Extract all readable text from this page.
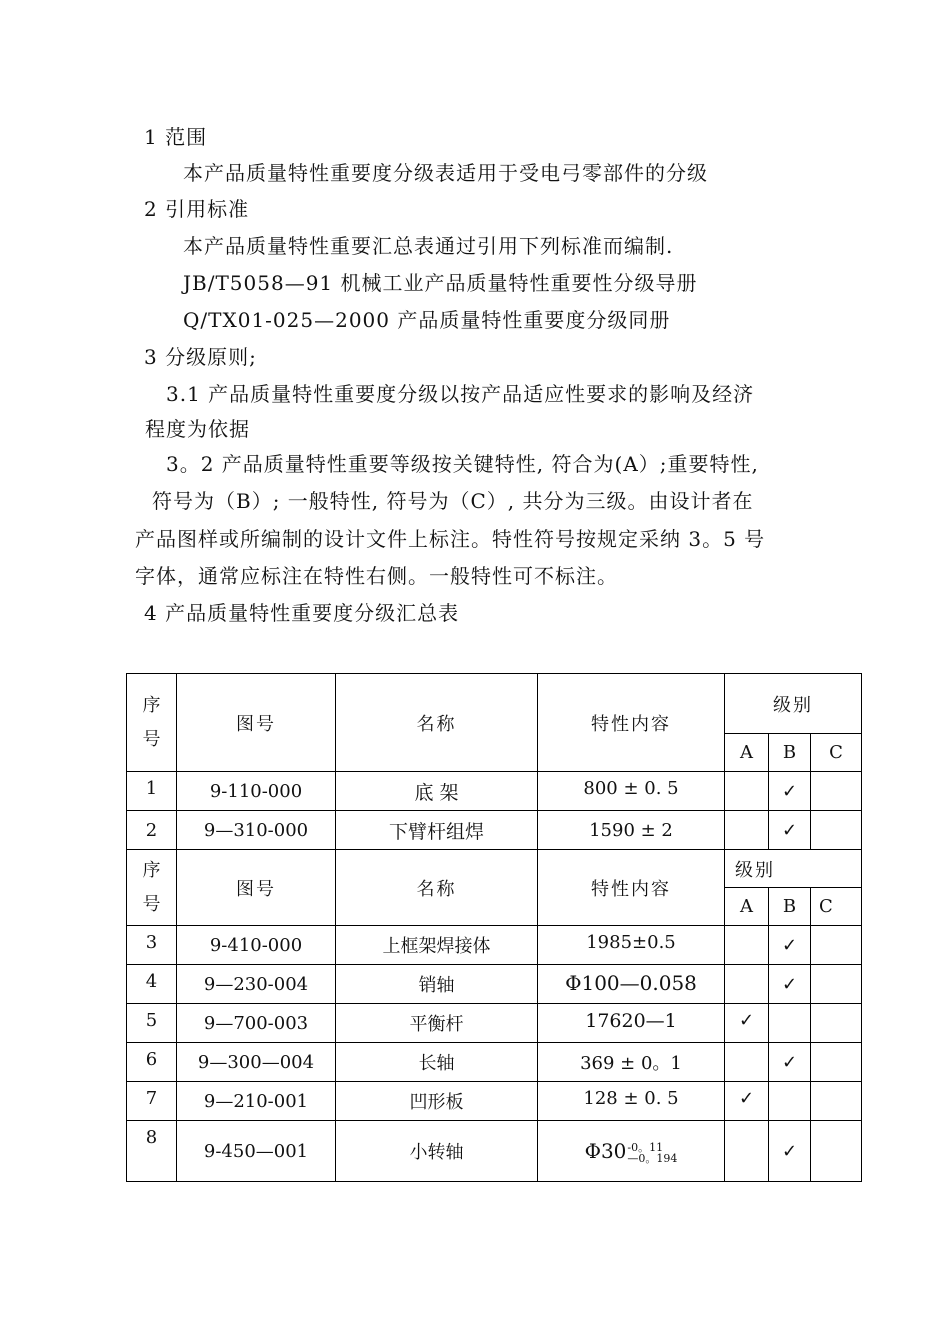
1 范围
本产品质量特性重要度分级表适用于受电弓零部件的分级
2 引用标准
本产品质量特性重要汇总表通过引用下列标准而编制.
JB/T5058—91 机械工业产品质量特性重要性分级导册
Q/TX01-025—2000 产品质量特性重要度分级同册
3 分级原则;
3.1 产品质量特性重要度分级以按产品适应性要求的影响及经济
程度为依据
3。2 产品质量特性重要等级按关键特性, 符合为(A）;重要特性,
符号为（B）; 一般特性, 符号为（C）, 共分为三级。由设计者在
产品图样或所编制的设计文件上标注。特性符号按规定采纳 3。5 号
字体，通常应标注在特性右侧。一般特性可不标注。
4 产品质量特性重要度分级汇总表
序
号	图号	名称	特性内容	级别		
				A	B	C
1	9-110-000	底 架	800 ± 0. 5		✓	
2	9—310-000	下臂杆组焊	1590 ± 2		✓	
序
号	图号	名称	特性内容	级别		
				A	B	C
3	9-410-000	上框架焊接体	1985±0.5		✓	
4	9—230-004	销轴	Φ100—0.058		✓	
5	9—700-003	平衡杆	17620—1	✓		
6	9—300—004	长轴	369 ± 0。1		✓	
7	9—210-001	凹形板	128 ± 0. 5	✓		
8	9-450—001	小转轴	Φ30 -0。11
—0。194		✓	
